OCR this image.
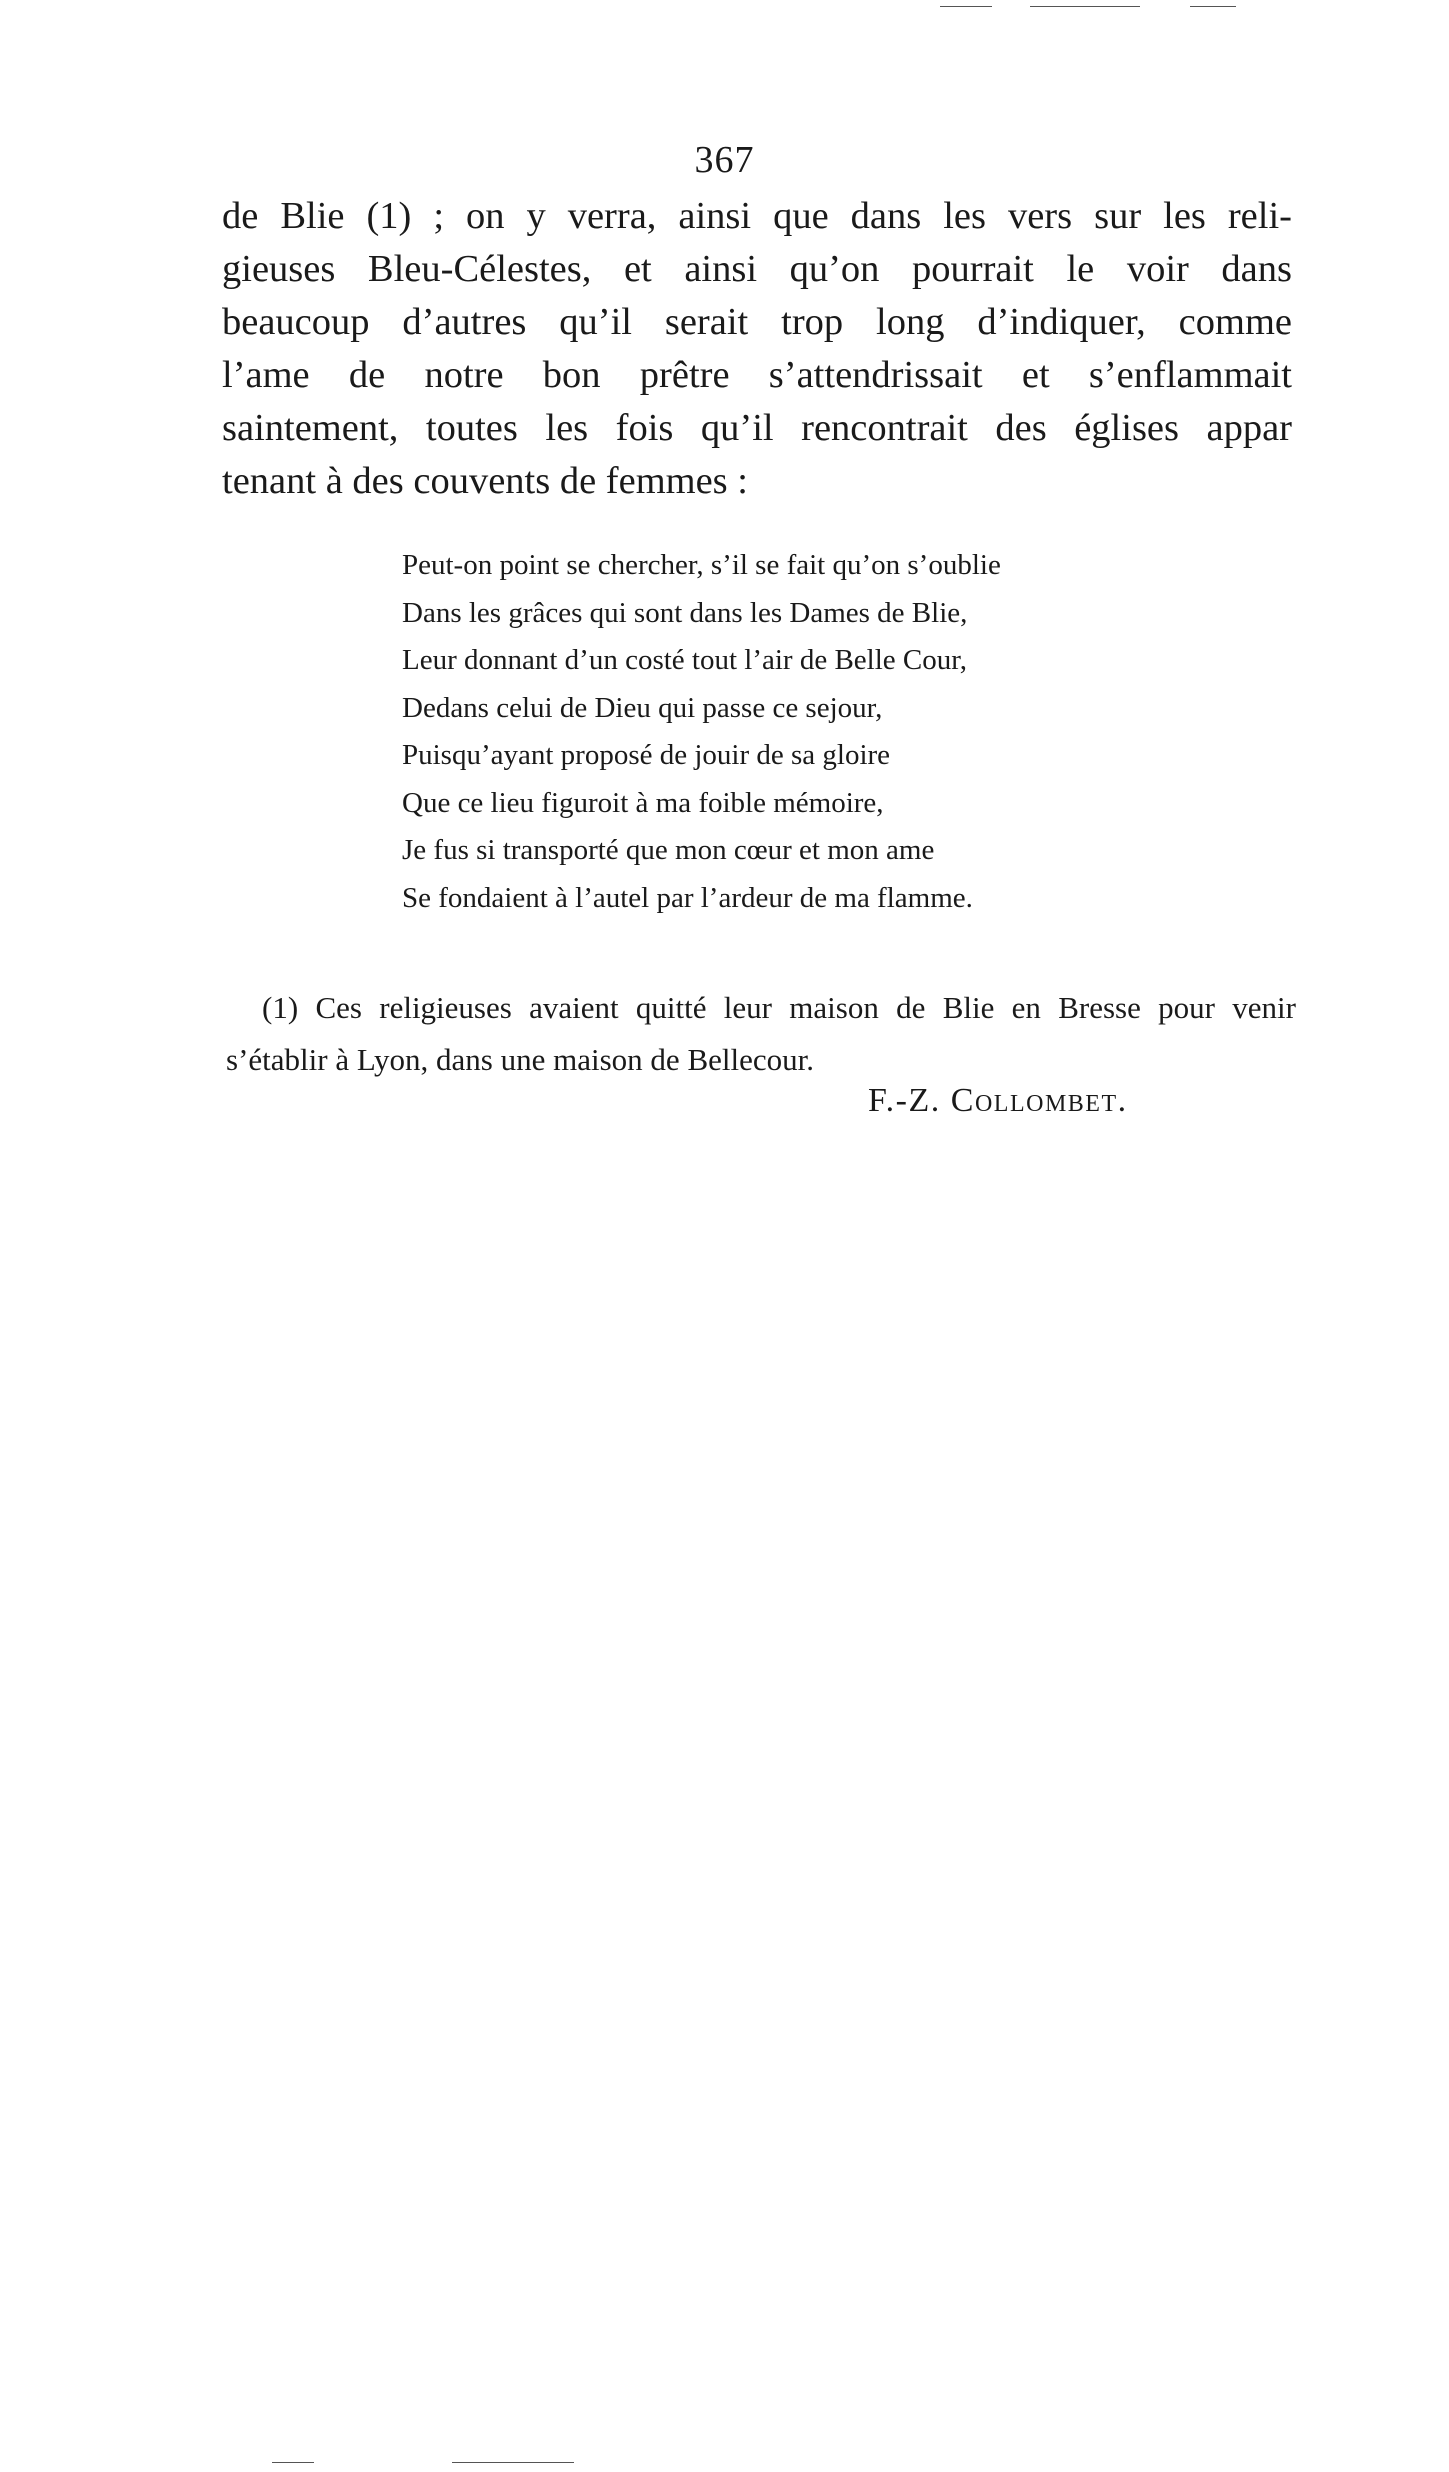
367
de Blie (1) ; on y verra, ainsi que dans les vers sur les reli-
gieuses Bleu-Célestes, et ainsi qu’on pourrait le voir dans
beaucoup d’autres qu’il serait trop long d’indiquer, comme
l’ame de notre bon prêtre s’attendrissait et s’enflammait
saintement, toutes les fois qu’il rencontrait des églises appar
tenant à des couvents de femmes :
Peut-on point se chercher, s’il se fait qu’on s’oublie
Dans les grâces qui sont dans les Dames de Blie,
Leur donnant d’un costé tout l’air de Belle Cour,
Dedans celui de Dieu qui passe ce sejour,
Puisqu’ayant proposé de jouir de sa gloire
Que ce lieu figuroit à ma foible mémoire,
Je fus si transporté que mon cœur et mon ame
Se fondaient à l’autel par l’ardeur de ma flamme.
(1) Ces religieuses avaient quitté leur maison de Blie en Bresse pour venir
s’établir à Lyon, dans une maison de Bellecour.
F.-Z. Collombet.
